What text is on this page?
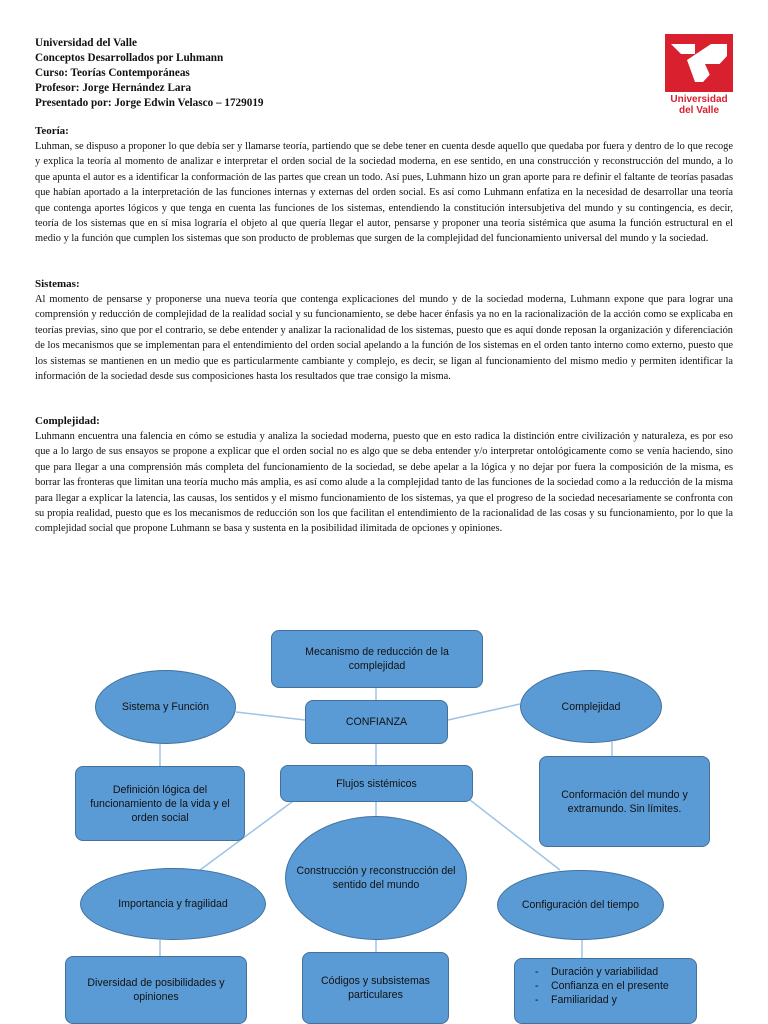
Universidad del Valle
Conceptos Desarrollados por Luhmann
Curso: Teorías Contemporáneas
Profesor: Jorge Hernández Lara
Presentado por: Jorge Edwin Velasco – 1729019	Universidad
del Valle
Teoría:

Luhman, se dispuso a proponer lo que debía ser y llamarse teoría, partiendo que se debe tener en cuenta desde aquello que quedaba por fuera y dentro de lo que recoge y explica la teoría al momento de analizar e interpretar el orden social de la sociedad moderna, en ese sentido, en una construcción y reconstrucción del mundo, a lo que apunta el autor es a identificar la conformación de las partes que crean un todo. Así pues, Luhmann hizo un gran aporte para re definir el faltante de teorías pasadas que habían aportado a la interpretación de las funciones internas y externas del orden social. Es así como Luhmann enfatiza en la necesidad de desarrollar una teoría que contenga aportes lógicos y que tenga en cuenta las funciones de los sistemas, entendiendo la constitución intersubjetiva del mundo y su contingencia, es decir, teoría de los sistemas que en sí misa lograría el objeto al que quería llegar el autor, pensarse y proponer una teoría sistémica que asuma la función estructural en el medio y la función que cumplen los sistemas que son producto de problemas que surgen de la complejidad del funcionamiento universal del mundo y la sociedad.

Sistemas:

Al momento de pensarse y proponerse una nueva teoría que contenga explicaciones del mundo y de la sociedad moderna, Luhmann expone que para lograr una comprensión y reducción de complejidad de la realidad social y su funcionamiento, se debe hacer énfasis ya no en la racionalización de la acción como se explicaba en teorías previas, sino que por el contrario, se debe entender y analizar la racionalidad de los sistemas, puesto que es aquí donde reposan la organización y diferenciación de los mecanismos que se implementan para el entendimiento del orden social apelando a la función de los sistemas en el orden tanto interno como externo, puesto que los sistemas se mantienen en un medio que es particularmente cambiante y complejo, es decir, se ligan al funcionamiento del mismo medio y permiten identificar la información de la sociedad desde sus composiciones hasta los resultados que trae consigo la misma.

Complejidad:

Luhmann encuentra una falencia en cómo se estudia y analiza la sociedad moderna, puesto que en esto radica la distinción entre civilización y naturaleza, es por eso que a lo largo de sus ensayos se propone a explicar que el orden social no es algo que se deba entender y/o interpretar ontológicamente como se venía haciendo, sino que para llegar a una comprensión más completa del funcionamiento de la sociedad, se debe apelar a la lógica y no dejar por fuera la composición de la misma, es borrar las fronteras que limitan una teoría mucho más amplia, es así como alude a la complejidad tanto de las funciones de la sociedad como a la reducción de la misma para llegar a explicar la latencia, las causas, los sentidos y el mismo funcionamiento de los sistemas, ya que el progreso de la sociedad necesariamente se confronta con su propia realidad, puesto que es los mecanismos de reducción son los que facilitan el entendimiento de la racionalidad de las cosas y su funcionamiento, por lo que la complejidad social que propone Luhmann se basa y sustenta en la posibilidad ilimitada de opciones y opiniones.

Mecanismo de reducción de la complejidad
CONFIANZA
Sistema y Función	Complejidad
Definición lógica del funcionamiento de la vida y el orden social
Flujos sistémicos
Conformación del mundo y extramundo. Sin límites.
Construcción y reconstrucción del sentido del mundo
Importancia y fragilidad	Configuración del tiempo
Diversidad de posibilidades y opiniones
Códigos y subsistemas particulares
- Duración y variabilidad
- Confianza en el presente
- Familiaridad y
